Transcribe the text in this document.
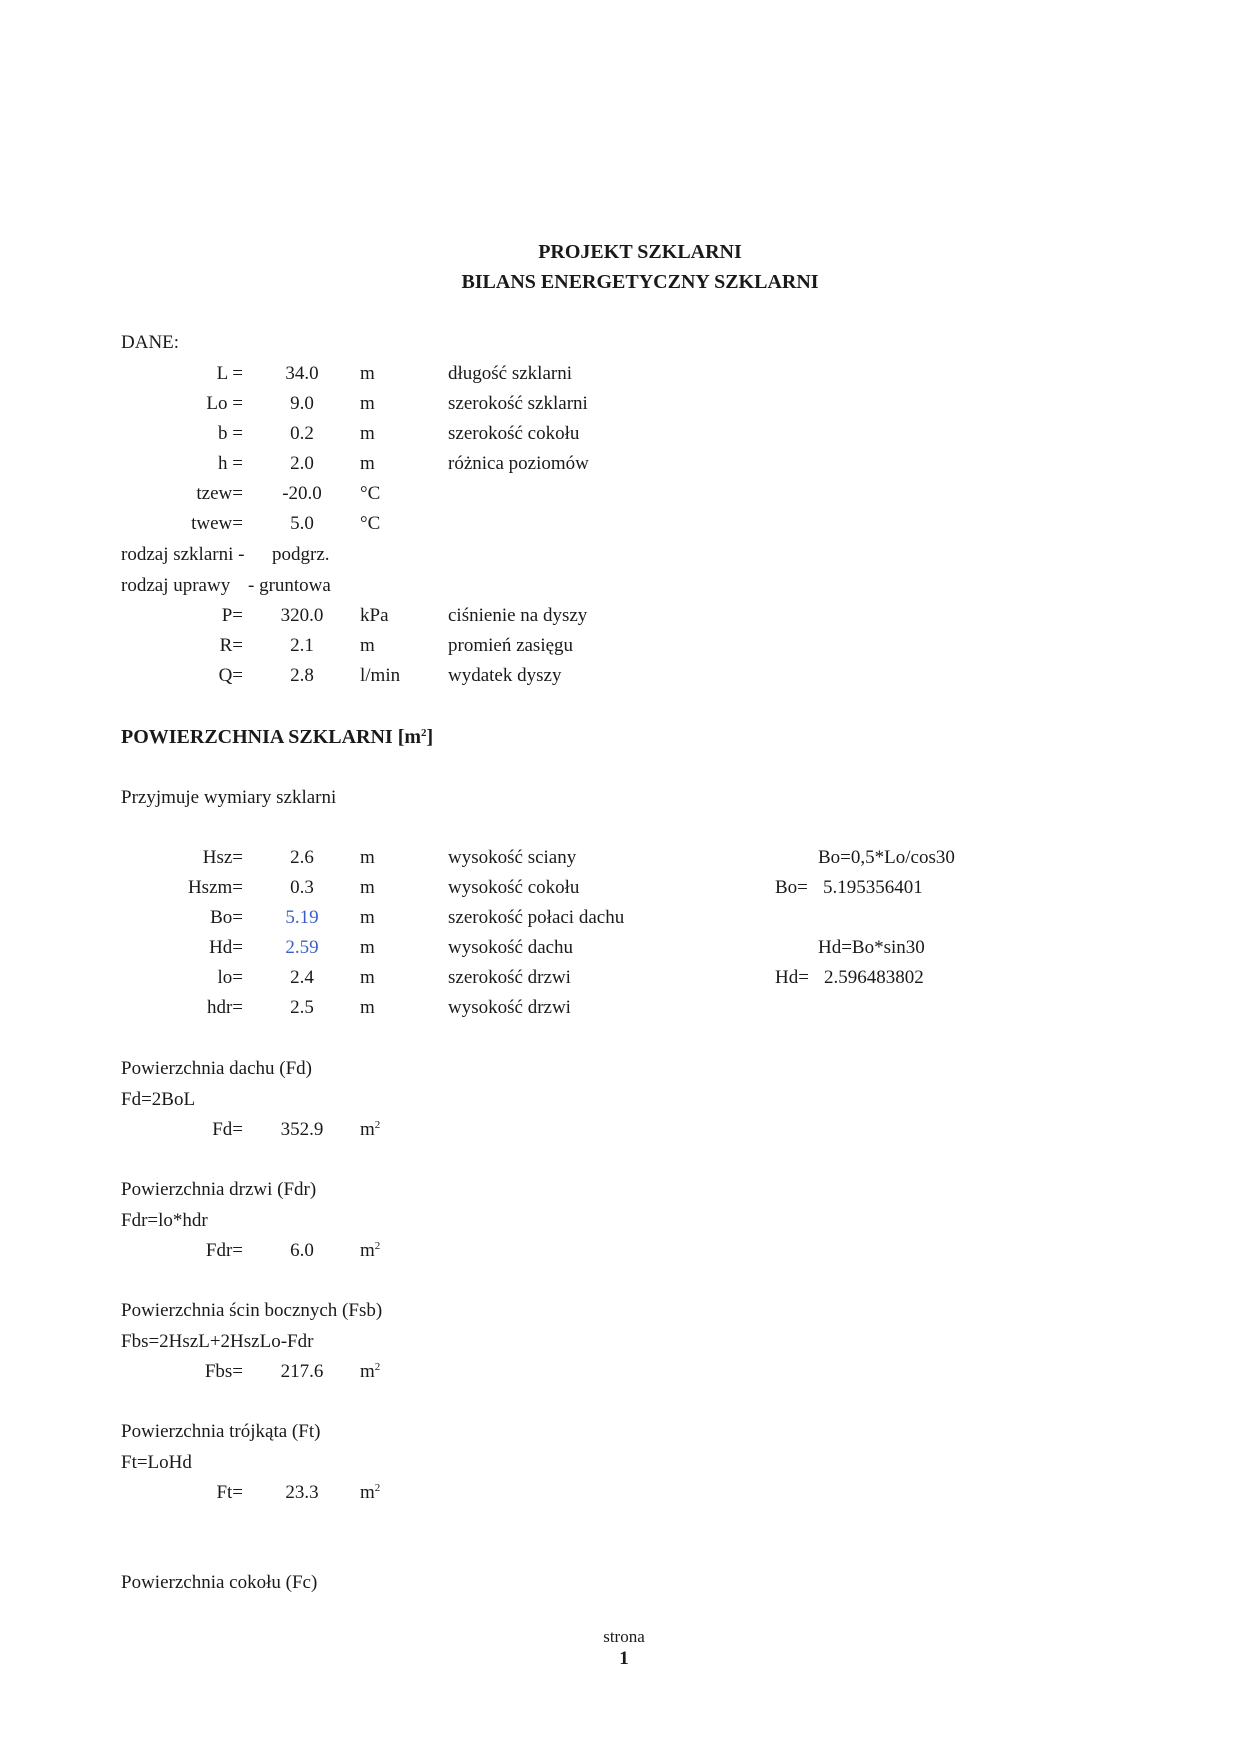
PROJEKT SZKLARNI
BILANS ENERGETYCZNY SZKLARNI
DANE:
L =	34.0	m	długość szklarni
Lo =	9.0	m	szerokość szklarni
b =	0.2	m	szerokość cokołu
h =	2.0	m	różnica poziomów
tzew=	-20.0	°C
twew=	5.0	°C
rodzaj szklarni - podgrz.
rodzaj uprawy - gruntowa
P=	320.0	kPa	ciśnienie na dyszy
R=	2.1	m	promień zasięgu
Q=	2.8	l/min	wydatek dyszy
POWIERZCHNIA SZKLARNI $[m^2]$
Przyjmuje wymiary szklarni
Hsz=	2.6	m	wysokość sciany
Hszm=	0.3	m	wysokość cokołu
Bo=	5.19	m	szerokość połaci dachu
Hd=	2.59	m	wysokość dachu
lo=	2.4	m	szerokość drzwi
hdr=	2.5	m	wysokość drzwi
Bo=0,5*Lo/cos30
Bo= 5.195356401
Hd=Bo*sin30
Hd= 2.596483802
Powierzchnia dachu (Fd)
Fd=2BoL
Fd=	352.9	$m^2$
Powierzchnia drzwi (Fdr)
Fdr=lo*hdr
Fdr=	6.0	$m^2$
Powierzchnia ścin bocznych (Fsb)
Fbs=2HszL+2HszLo-Fdr
Fbs=	217.6	$m^2$
Powierzchnia trójkąta (Ft)
Ft=LoHd
Ft=	23.3	$m^2$
Powierzchnia cokołu (Fc)
strona
1
